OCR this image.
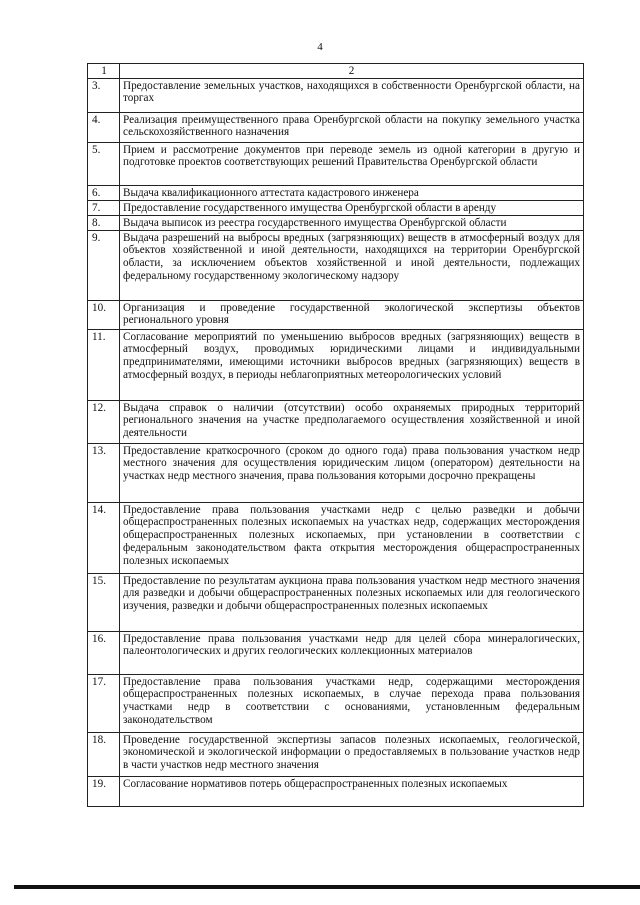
4
1	2
3.	Предоставление земельных участков, находящихся в собственности Оренбургской области, на торгах
4.	Реализация преимущественного права Оренбургской области на покупку земельного участка сельскохозяйственного назначения
5.	Прием и рассмотрение документов при переводе земель из одной категории в другую и подготовке проектов соответствующих решений Правительства Оренбургской области
6.	Выдача квалификационного аттестата кадастрового инженера
7.	Предоставление государственного имущества Оренбургской области в аренду
8.	Выдача выписок из реестра государственного имущества Оренбургской области
9.	Выдача разрешений на выбросы вредных (загрязняющих) веществ в атмосферный воздух для объектов хозяйственной и иной деятельности, находящихся на территории Оренбургской области, за исключением объектов хозяйственной и иной деятельности, подлежащих федеральному государственному экологическому надзору
10.	Организация и проведение государственной экологической экспертизы объектов регионального уровня
11.	Согласование мероприятий по уменьшению выбросов вредных (загрязняющих) веществ в атмосферный воздух, проводимых юридическими лицами и индивидуальными предпринимателями, имеющими источники выбросов вредных (загрязняющих) веществ в атмосферный воздух, в периоды неблагоприятных метеорологических условий
12.	Выдача справок о наличии (отсутствии) особо охраняемых природных территорий регионального значения на участке предполагаемого осуществления хозяйственной и иной деятельности
13.	Предоставление краткосрочного (сроком до одного года) права пользования участком недр местного значения для осуществления юридическим лицом (оператором) деятельности на участках недр местного значения, права пользования которыми досрочно прекращены
14.	Предоставление права пользования участками недр с целью разведки и добычи общераспространенных полезных ископаемых на участках недр, содержащих месторождения общераспространенных полезных ископаемых, при установлении в соответствии с федеральным законодательством факта открытия месторождения общераспространенных полезных ископаемых
15.	Предоставление по результатам аукциона права пользования участком недр местного значения для разведки и добычи общераспространенных полезных ископаемых или для геологического изучения, разведки и добычи общераспространенных полезных ископаемых
16.	Предоставление права пользования участками недр для целей сбора минералогических, палеонтологических и других геологических коллекционных материалов
17.	Предоставление права пользования участками недр, содержащими месторождения общераспространенных полезных ископаемых, в случае перехода права пользования участками недр в соответствии с основаниями, установленным федеральным законодательством
18.	Проведение государственной экспертизы запасов полезных ископаемых, геологической, экономической и экологической информации о предоставляемых в пользование участков недр в части участков недр местного значения
19.	Согласование нормативов потерь общераспространенных полезных ископаемых
